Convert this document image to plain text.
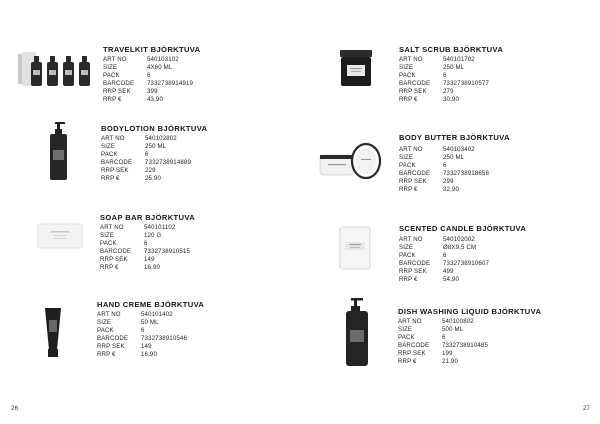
TRAVELKIT BJÖRKTUVA
ART NO	540103102
SIZE	4X60 ML
PACK	6
BARCODE	7332738914919
RRP SEK	399
RRP €	43,90
BODYLOTION BJÖRKTUVA
ART NO	540102802
SIZE	250 ML
PACK	6
BARCODE	7332738914889
RRP SEK	229
RRP €	25,90
SOAP BAR BJÖRKTUVA
ART NO	540101102
SIZE	120 G
PACK	6
BARCODE	7332738910515
RRP SEK	149
RRP €	16,90
HAND CREME BJÖRKTUVA
ART NO	540101402
SIZE	50 ML
PACK	6
BARCODE	7332738910546
RRP SEK	149
RRP €	16,90
26
SALT SCRUB BJÖRKTUVA
ART NO	540101702
SIZE	250 ML
PACK	6
BARCODE	7332738910577
RRP SEK	279
RRP €	30,90
BODY BUTTER BJÖRKTUVA
ART NO	540103402
SIZE	250 ML
PACK	6
BARCODE	7332738918658
RRP SEK	299
RRP €	32,90
SCENTED CANDLE BJÖRKTUVA
ART NO	540102002
SIZE	Ø8X9,5 CM
PACK	6
BARCODE	7332738910607
RRP SEK	499
RRP €	54,90
DISH WASHING LIQUID BJÖRKTUVA
ART NO	540100802
SIZE	500 ML
PACK	6
BARCODE	7332738910485
RRP SEK	199
RRP €	21,90
27
